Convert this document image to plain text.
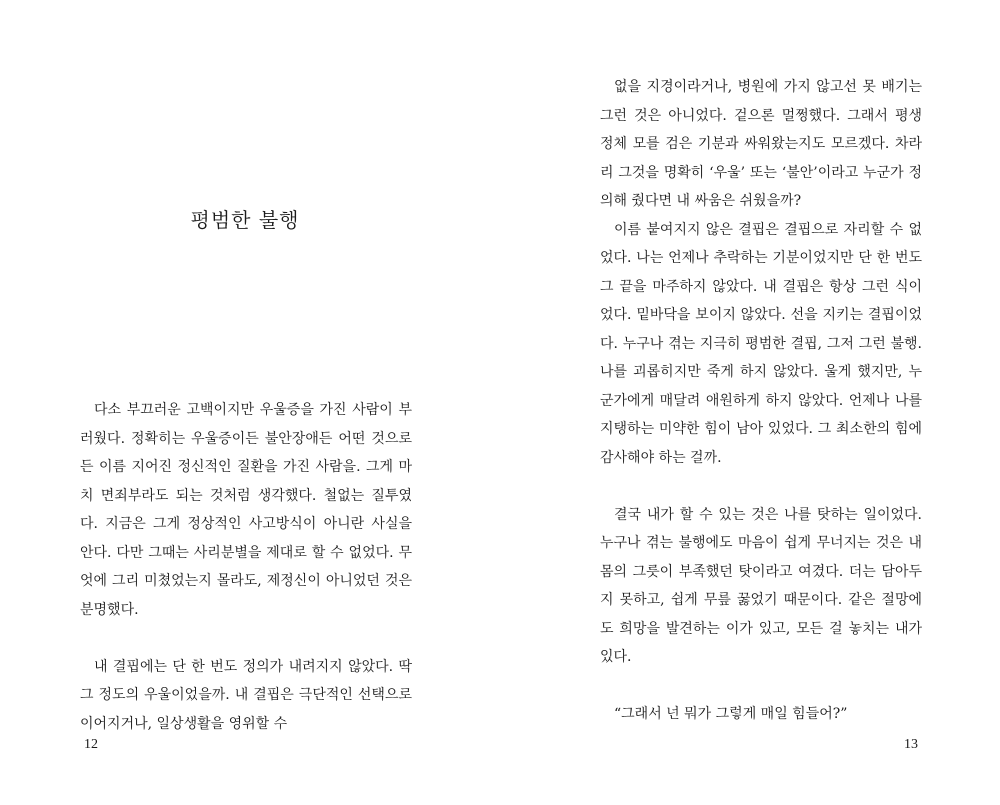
평범한 불행

다소 부끄러운 고백이지만 우울증을 가진 사람이 부러웠다. 정확히는 우울증이든 불안장애든 어떤 것으로든 이름 지어진 정신적인 질환을 가진 사람을. 그게 마치 면죄부라도 되는 것처럼 생각했다. 철없는 질투였다. 지금은 그게 정상적인 사고방식이 아니란 사실을 안다. 다만 그때는 사리분별을 제대로 할 수 없었다. 무엇에 그리 미쳤었는지 몰라도, 제정신이 아니었던 것은 분명했다.

내 결핍에는 단 한 번도 정의가 내려지지 않았다. 딱 그 정도의 우울이었을까. 내 결핍은 극단적인 선택으로 이어지거나, 일상생활을 영위할 수

12

없을 지경이라거나, 병원에 가지 않고선 못 배기는 그런 것은 아니었다. 겉으론 멀쩡했다. 그래서 평생 정체 모를 검은 기분과 싸워왔는지도 모르겠다. 차라리 그것을 명확히 ‘우울’ 또는 ‘불안’이라고 누군가 정의해 줬다면 내 싸움은 쉬웠을까?

이름 붙여지지 않은 결핍은 결핍으로 자리할 수 없었다. 나는 언제나 추락하는 기분이었지만 단 한 번도 그 끝을 마주하지 않았다. 내 결핍은 항상 그런 식이었다. 밑바닥을 보이지 않았다. 선을 지키는 결핍이었다. 누구나 겪는 지극히 평범한 결핍, 그저 그런 불행. 나를 괴롭히지만 죽게 하지 않았다. 울게 했지만, 누군가에게 매달려 애원하게 하지 않았다. 언제나 나를 지탱하는 미약한 힘이 남아 있었다. 그 최소한의 힘에 감사해야 하는 걸까.

결국 내가 할 수 있는 것은 나를 탓하는 일이었다. 누구나 겪는 불행에도 마음이 쉽게 무너지는 것은 내 몸의 그릇이 부족했던 탓이라고 여겼다. 더는 담아두지 못하고, 쉽게 무릎 꿇었기 때문이다. 같은 절망에도 희망을 발견하는 이가 있고, 모든 걸 놓치는 내가 있다.

“그래서 넌 뭐가 그렇게 매일 힘들어?”

13
